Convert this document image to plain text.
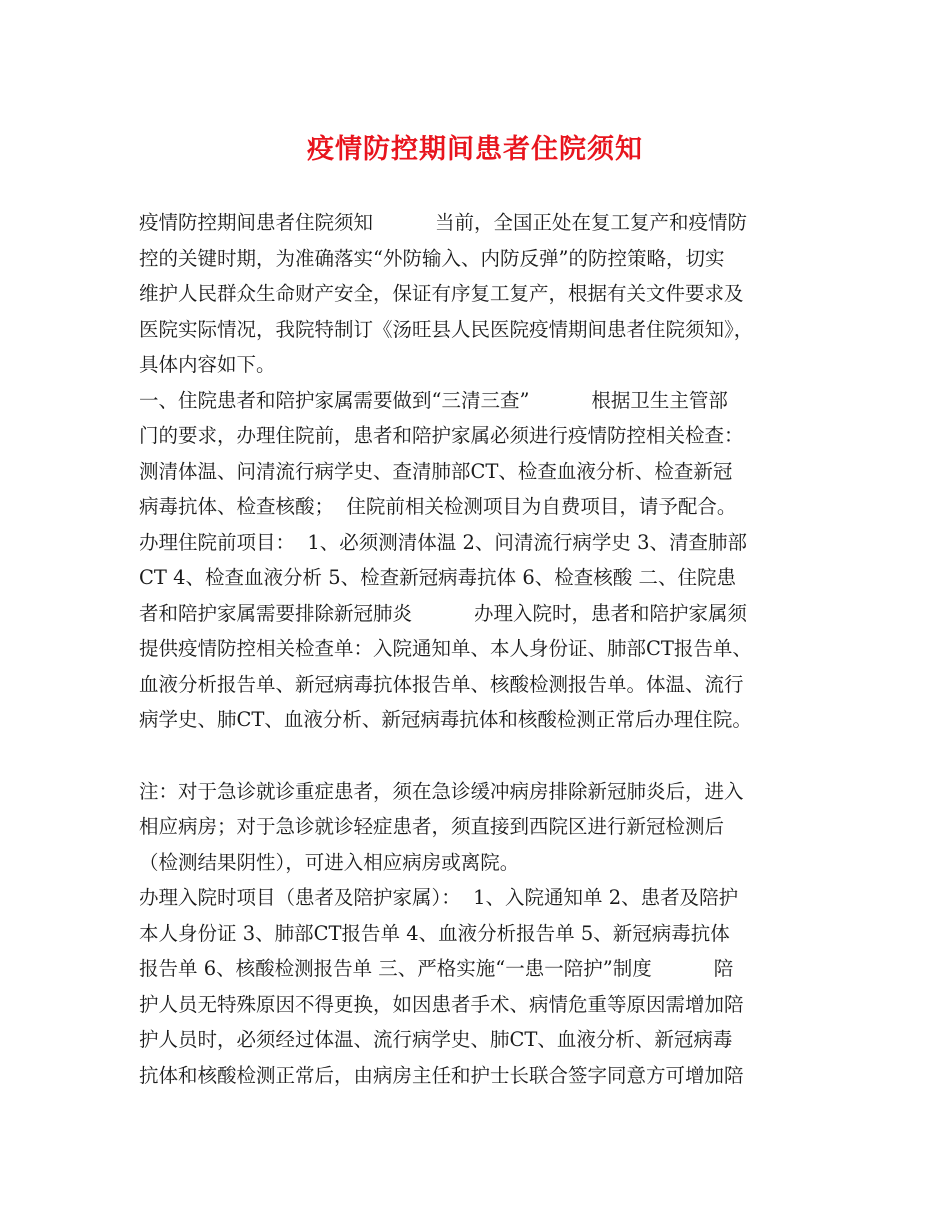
疫情防控期间患者住院须知
疫情防控期间患者住院须知          当前，全国正处在复工复产和疫情防
控的关键时期，为准确落实“外防输入、内防反弹”的防控策略，切实
维护人民群众生命财产安全，保证有序复工复产，根据有关文件要求及
医院实际情况，我院特制订《汤旺县人民医院疫情期间患者住院须知》，
具体内容如下。
一、住院患者和陪护家属需要做到“三清三查”          根据卫生主管部
门的要求，办理住院前，患者和陪护家属必须进行疫情防控相关检查：
测清体温、问清流行病学史、查清肺部CT、检查血液分析、检查新冠
病毒抗体、检查核酸；  住院前相关检测项目为自费项目，请予配合。
办理住院前项目：  1、必须测清体温 2、问清流行病学史 3、清查肺部
CT 4、检查血液分析 5、检查新冠病毒抗体 6、检查核酸 二、住院患
者和陪护家属需要排除新冠肺炎          办理入院时，患者和陪护家属须
提供疫情防控相关检查单：入院通知单、本人身份证、肺部CT报告单、
血液分析报告单、新冠病毒抗体报告单、核酸检测报告单。体温、流行
病学史、肺CT、血液分析、新冠病毒抗体和核酸检测正常后办理住院。
注：对于急诊就诊重症患者，须在急诊缓冲病房排除新冠肺炎后，进入
相应病房；对于急诊就诊轻症患者，须直接到西院区进行新冠检测后
（检测结果阴性），可进入相应病房或离院。
办理入院时项目（患者及陪护家属）：  1、入院通知单 2、患者及陪护
本人身份证 3、肺部CT报告单 4、血液分析报告单 5、新冠病毒抗体
报告单 6、核酸检测报告单 三、严格实施“一患一陪护”制度          陪
护人员无特殊原因不得更换，如因患者手术、病情危重等原因需增加陪
护人员时，必须经过体温、流行病学史、肺CT、血液分析、新冠病毒
抗体和核酸检测正常后，由病房主任和护士长联合签字同意方可增加陪
